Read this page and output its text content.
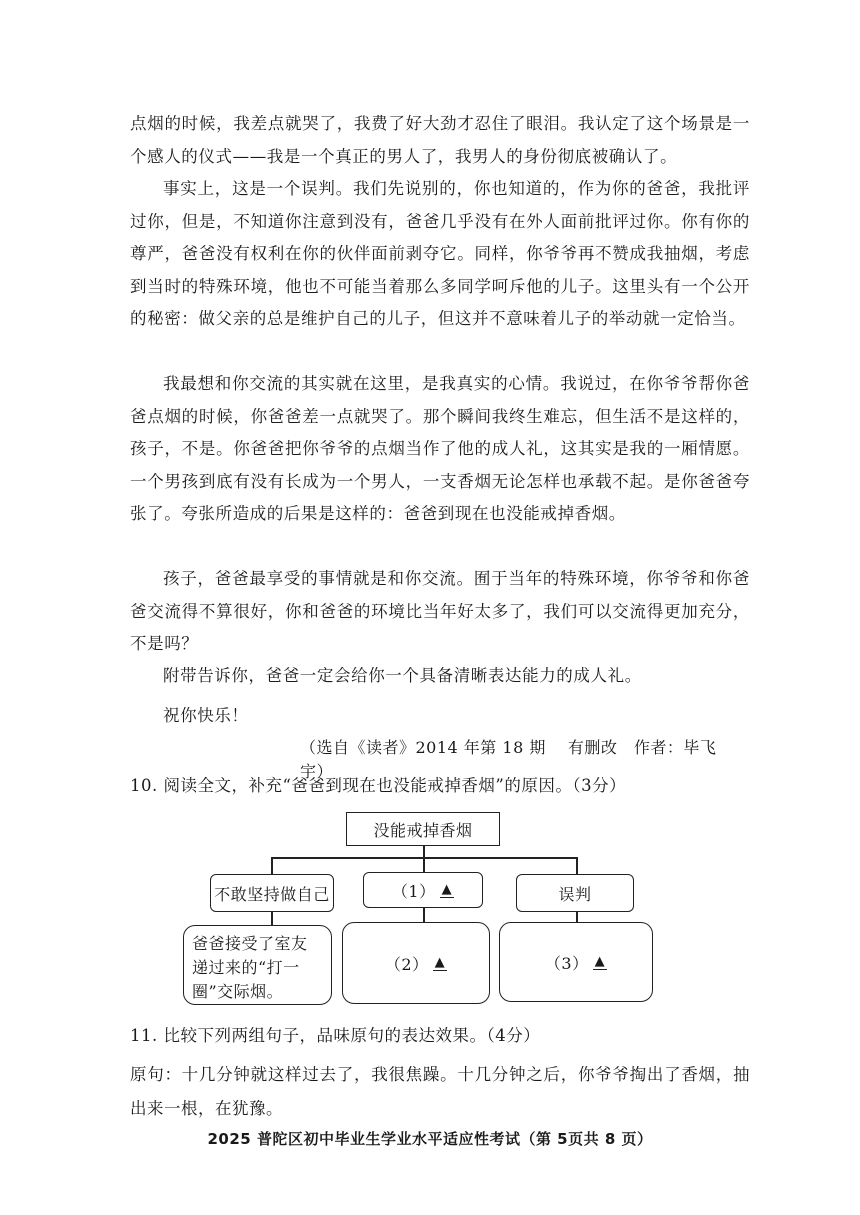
点烟的时候，我差点就哭了，我费了好大劲才忍住了眼泪。我认定了这个场景是一个感人的仪式——我是一个真正的男人了，我男人的身份彻底被确认了。

事实上，这是一个误判。我们先说别的，你也知道的，作为你的爸爸，我批评过你，但是，不知道你注意到没有，爸爸几乎没有在外人面前批评过你。你有你的尊严，爸爸没有权利在你的伙伴面前剥夺它。同样，你爷爷再不赞成我抽烟，考虑到当时的特殊环境，他也不可能当着那么多同学呵斥他的儿子。这里头有一个公开的秘密：做父亲的总是维护自己的儿子，但这并不意味着儿子的举动就一定恰当。

我最想和你交流的其实就在这里，是我真实的心情。我说过，在你爷爷帮你爸爸点烟的时候，你爸爸差一点就哭了。那个瞬间我终生难忘，但生活不是这样的，孩子，不是。你爸爸把你爷爷的点烟当作了他的成人礼，这其实是我的一厢情愿。一个男孩到底有没有长成为一个男人，一支香烟无论怎样也承载不起。是你爸爸夸张了。夸张所造成的后果是这样的：爸爸到现在也没能戒掉香烟。

孩子，爸爸最享受的事情就是和你交流。囿于当年的特殊环境，你爷爷和你爸爸交流得不算很好，你和爸爸的环境比当年好太多了，我们可以交流得更加充分，不是吗？

附带告诉你，爸爸一定会给你一个具备清晰表达能力的成人礼。

祝你快乐！

（选自《读者》2014 年第 18 期　 有删改　作者：毕飞宇）
10. 阅读全文，补充“爸爸到现在也没能戒掉香烟”的原因。（3分）
没能戒掉香烟
不敢坚持做自己	（1） ▲	误判
爸爸接受了室友递过来的“打一圈”交际烟。
（2） ▲	（3） ▲
11. 比较下列两组句子，品味原句的表达效果。（4分）
原句：十几分钟就这样过去了，我很焦躁。十几分钟之后，你爷爷掏出了香烟，抽出来一根，在犹豫。
2025 普陀区初中毕业生学业水平适应性考试（第 5页共 8 页）
